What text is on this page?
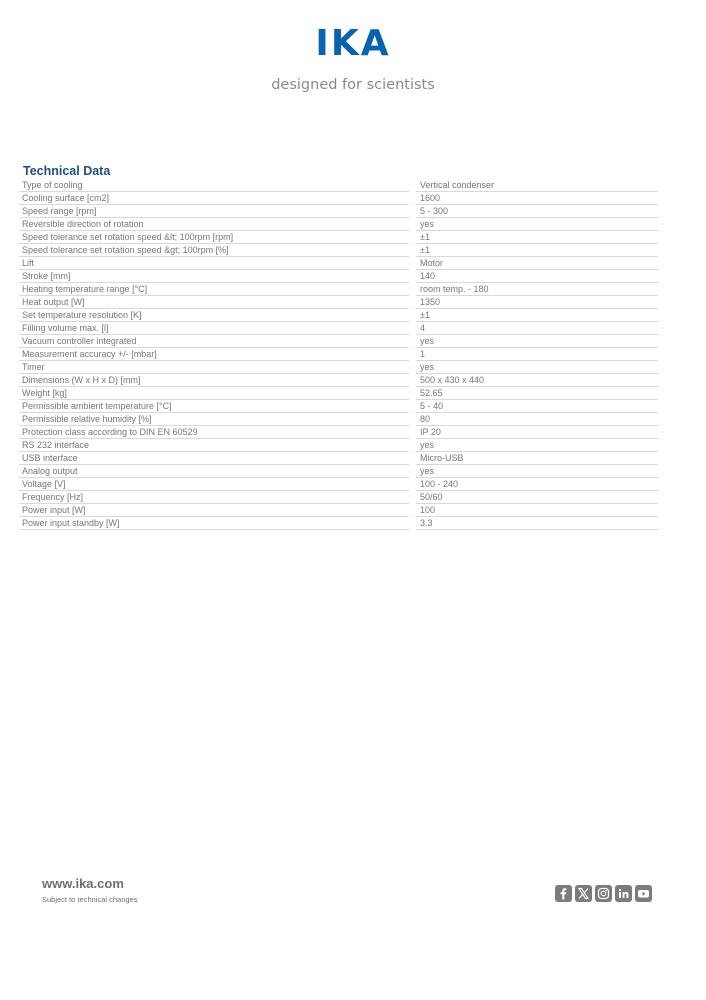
IKA
designed for scientists
Technical Data
Type of cooling	Vertical condenser
Cooling surface [cm2]	1600
Speed range [rpm]	5 - 300
Reversible direction of rotation	yes
Speed tolerance set rotation speed &lt; 100rpm [rpm]	±1
Speed tolerance set rotation speed &gt; 100rpm [%]	±1
Lift	Motor
Stroke [mm]	140
Heating temperature range [°C]	room temp. - 180
Heat output [W]	1350
Set temperature resolution [K]	±1
Filling volume max. [l]	4
Vacuum controller integrated	yes
Measurement accuracy +/- [mbar]	1
Timer	yes
Dimensions (W x H x D) [mm]	500 x 430 x 440
Weight [kg]	52.65
Permissible ambient temperature [°C]	5 - 40
Permissible relative humidity [%]	80
Protection class according to DIN EN 60529	IP 20
RS 232 interface	yes
USB interface	Micro-USB
Analog output	yes
Voltage [V]	100 - 240
Frequency [Hz]	50/60
Power input [W]	100
Power input standby [W]	3.3
www.ika.com
Subject to technical changes
